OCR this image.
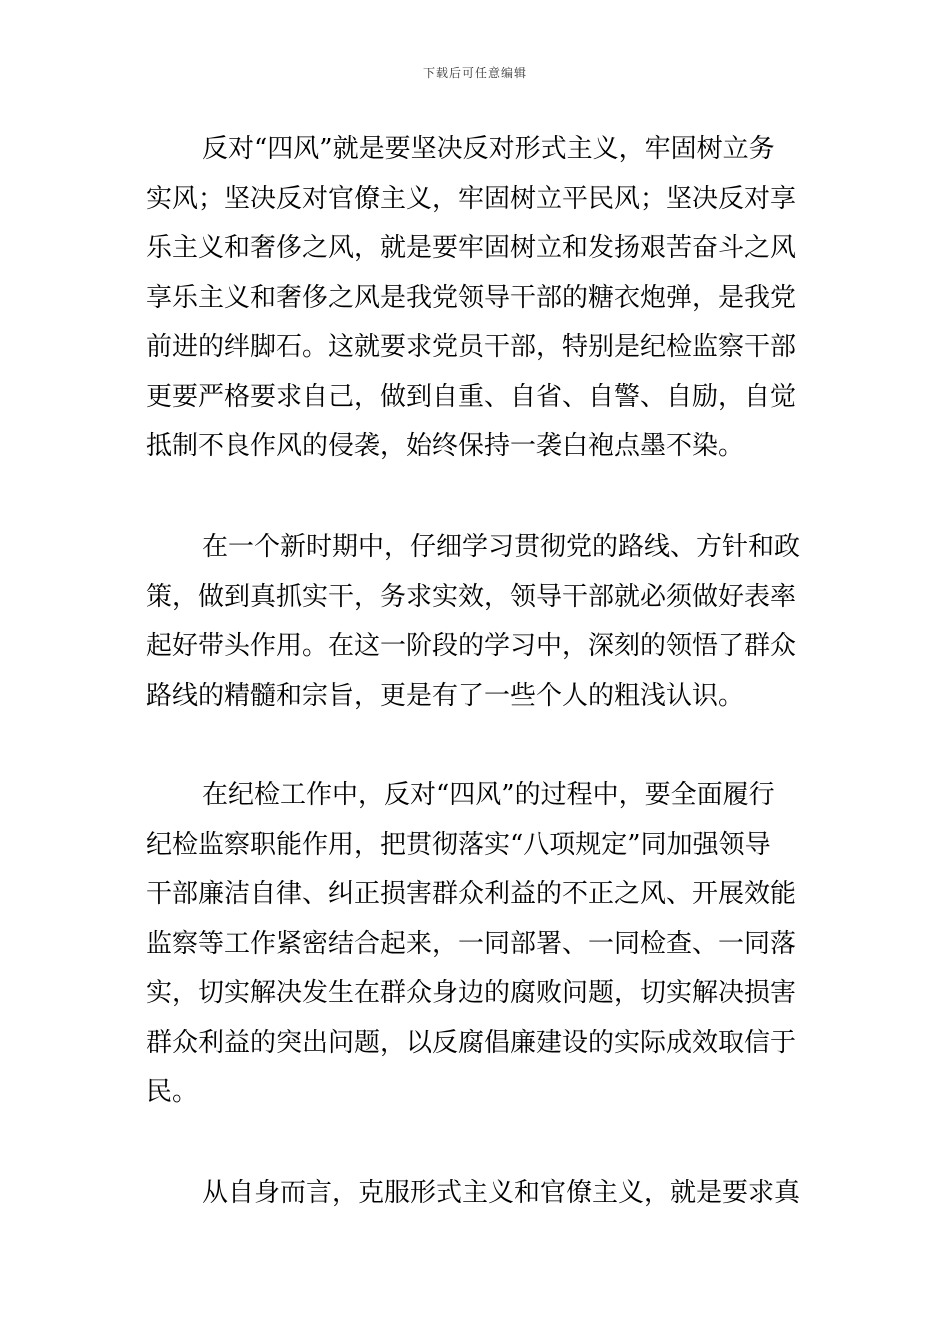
下载后可任意编辑
反对“四风”就是要坚决反对形式主义，牢固树立务
实风；坚决反对官僚主义，牢固树立平民风；坚决反对享
乐主义和奢侈之风，就是要牢固树立和发扬艰苦奋斗之风
享乐主义和奢侈之风是我党领导干部的糖衣炮弹，是我党
前进的绊脚石。这就要求党员干部，特别是纪检监察干部
更要严格要求自己，做到自重、自省、自警、自励，自觉
抵制不良作风的侵袭，始终保持一袭白袍点墨不染。
在一个新时期中，仔细学习贯彻党的路线、方针和政
策，做到真抓实干，务求实效，领导干部就必须做好表率
起好带头作用。在这一阶段的学习中，深刻的领悟了群众
路线的精髓和宗旨，更是有了一些个人的粗浅认识。
在纪检工作中，反对“四风”的过程中，要全面履行
纪检监察职能作用，把贯彻落实“八项规定”同加强领导
干部廉洁自律、纠正损害群众利益的不正之风、开展效能
监察等工作紧密结合起来，一同部署、一同检查、一同落
实，切实解决发生在群众身边的腐败问题，切实解决损害
群众利益的突出问题，以反腐倡廉建设的实际成效取信于
民。
从自身而言，克服形式主义和官僚主义，就是要求真
